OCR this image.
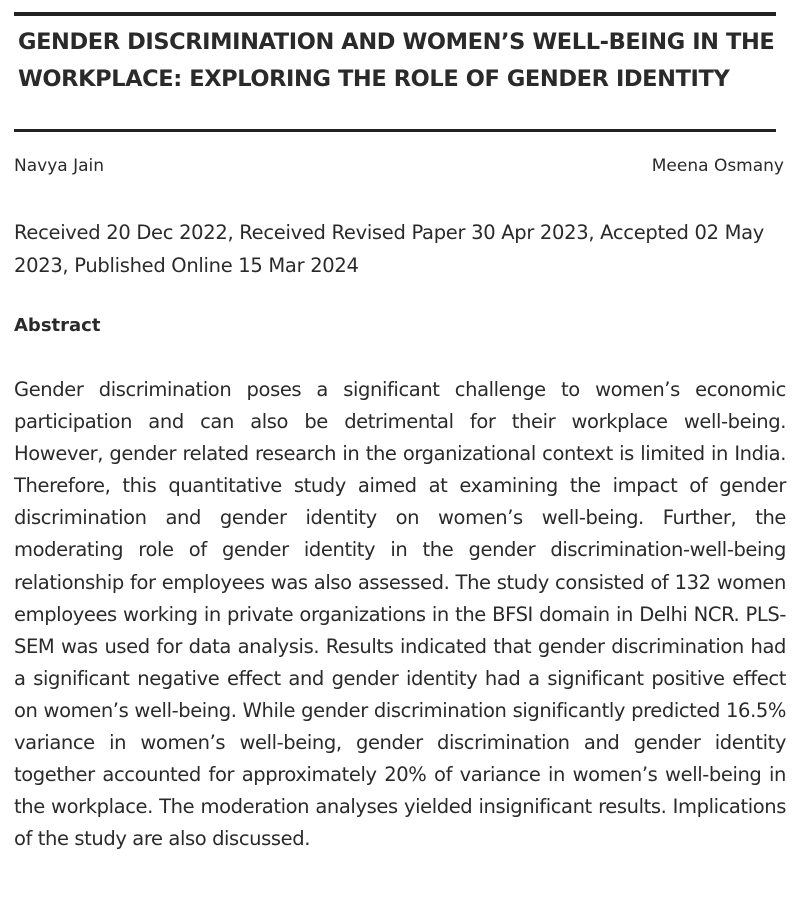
GENDER DISCRIMINATION AND WOMEN’S WELL-BEING IN THE WORKPLACE: EXPLORING THE ROLE OF GENDER IDENTITY
Navya Jain	Meena Osmany

Received 20 Dec 2022, Received Revised Paper 30 Apr 2023, Accepted 02 May 2023, Published Online 15 Mar 2024

Abstract

Gender discrimination poses a significant challenge to women’s economic participation and can also be detrimental for their workplace well-being. However, gender related research in the organizational context is limited in India. Therefore, this quantitative study aimed at examining the impact of gender discrimination and gender identity on women’s well-being. Further, the moderating role of gender identity in the gender discrimination-well-being relationship for employees was also assessed. The study consisted of 132 women employees working in private organizations in the BFSI domain in Delhi NCR. PLS-SEM was used for data analysis. Results indicated that gender discrimination had a significant negative effect and gender identity had a significant positive effect on women’s well-being. While gender discrimination significantly predicted 16.5% variance in women’s well-being, gender discrimination and gender identity together accounted for approximately 20% of variance in women’s well-being in the workplace. The moderation analyses yielded insignificant results. Implications of the study are also discussed.
